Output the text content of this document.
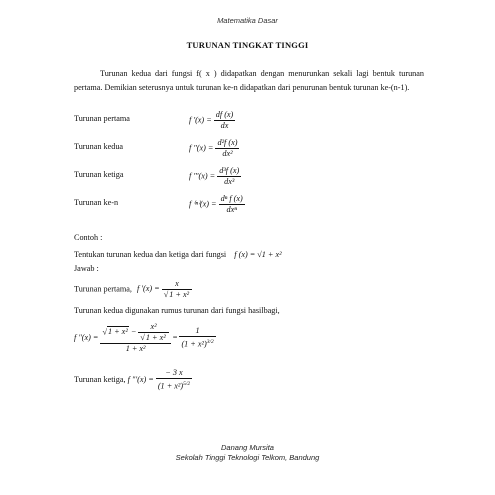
Matematika Dasar
TURUNAN TINGKAT TINGGI
Turunan kedua dari fungsi f( x ) didapatkan dengan menurunkan sekali lagi bentuk turunan pertama. Demikian seterusnya untuk turunan ke-n didapatkan dari penurunan bentuk turunan ke-(n-1).
Turunan pertama	f '$(x) = \frac{df (x)}{dx}$
Turunan kedua	f "$(x) = \frac{\text{d²f (x)}}{\text{dx²}}$
Turunan ketiga	f "'$(x) = \frac{\text{d³f (x)}}{\text{dx³}}$
Turunan ke-n	f $^{(n)}(x) = \frac{\text{dⁿ f (x)}}{\text{dxⁿ}}$
Contoh :
Tentukan turunan kedua dan ketiga dari fungsi f (x) = √1 + x²
Jawab :
Turunan pertama, f '$(x) = \frac{x}{\text{√1 + x²}}$
Turunan kedua digunakan rumus turunan dari fungsi hasilbagi,
f "$(x) = \frac{√1 + x^2 - \frac{\text{x²}}{\text{√1 + x²}}}{\text{1 + x²}} = \frac{1}{(1 + x^2)^{3/2}}$
Turunan ketiga, f "'$(x) = \frac{- 3 x}{(1 + x^2)^{5/2}}$
Danang Mursita
Sekolah Tinggi Teknologi Telkom, Bandung
